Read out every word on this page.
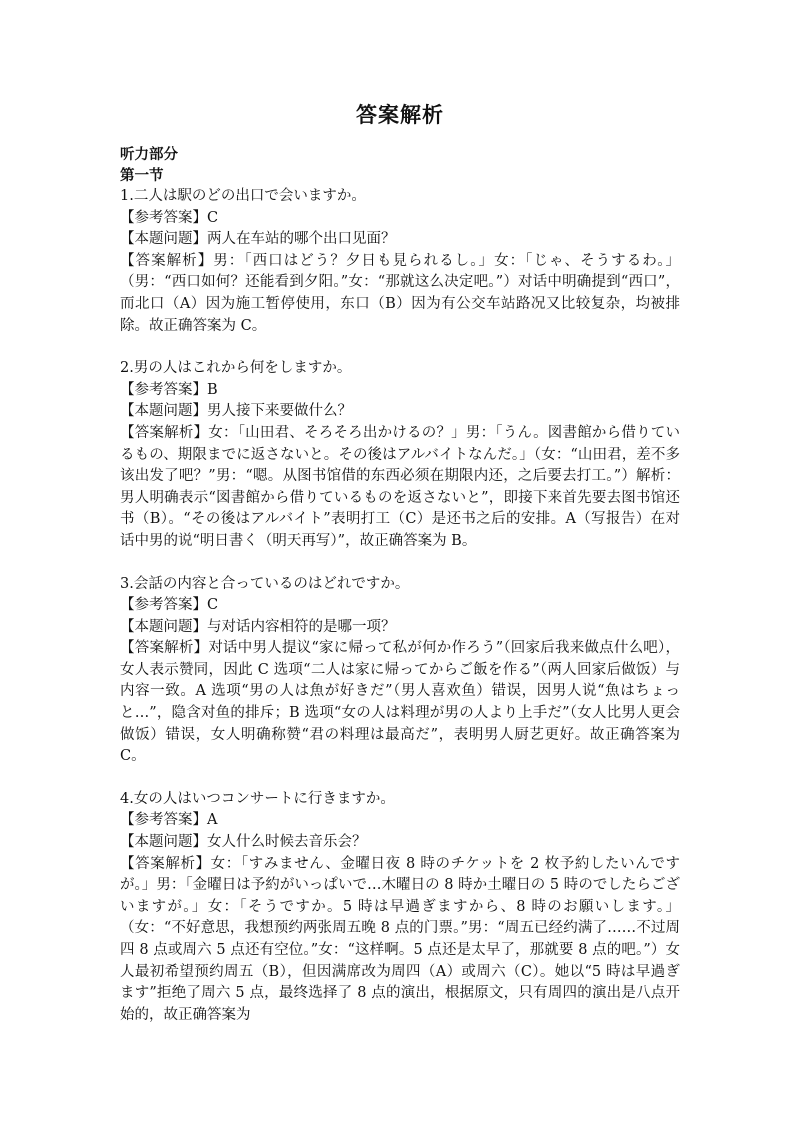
答案解析
听力部分
第一节
1.二人は駅のどの出口で会いますか。
【参考答案】C
【本题问题】两人在车站的哪个出口见面？
【答案解析】男：「西口はどう？夕日も見られるし。」女：「じゃ、そうするわ。」（男：“西口如何？还能看到夕阳。”女：“那就这么决定吧。”）对话中明确提到“西口”，而北口（A）因为施工暂停使用，东口（B）因为有公交车站路况又比较复杂，均被排除。故正确答案为 C。
2.男の人はこれから何をしますか。
【参考答案】B
【本题问题】男人接下来要做什么？
【答案解析】女：「山田君、そろそろ出かけるの？」男：「うん。図書館から借りているもの、期限までに返さないと。その後はアルバイトなんだ。」（女：“山田君，差不多该出发了吧？”男：“嗯。从图书馆借的东西必须在期限内还，之后要去打工。”）解析：男人明确表示“図書館から借りているものを返さないと”，即接下来首先要去图书馆还书（B）。“その後はアルバイト”表明打工（C）是还书之后的安排。A（写报告）在对话中男的说“明日書く（明天再写）”，故正确答案为 B。
3.会話の内容と合っているのはどれですか。
【参考答案】C
【本题问题】与对话内容相符的是哪一项？
【答案解析】对话中男人提议“家に帰って私が何か作ろう”（回家后我来做点什么吧），女人表示赞同，因此 C 选项“二人は家に帰ってからご飯を作る”（两人回家后做饭）与内容一致。A 选项“男の人は魚が好きだ”（男人喜欢鱼）错误，因男人说“魚はちょっと…”，隐含对鱼的排斥；B 选项“女の人は料理が男の人より上手だ”（女人比男人更会做饭）错误，女人明确称赞“君の料理は最高だ”，表明男人厨艺更好。故正确答案为 C。
4.女の人はいつコンサートに行きますか。
【参考答案】A
【本题问题】女人什么时候去音乐会？
【答案解析】女：「すみません、金曜日夜 8 時のチケットを 2 枚予約したいんですが。」男：「金曜日は予約がいっぱいで…木曜日の 8 時か土曜日の 5 時のでしたらございますが。」女：「そうですか。5 時は早過ぎますから、8 時のお願いします。」（女：“不好意思，我想预约两张周五晚 8 点的门票。”男：“周五已经约满了……不过周四 8 点或周六 5 点还有空位。”女：“这样啊。5 点还是太早了，那就要 8 点的吧。”）女人最初希望预约周五（B），但因满席改为周四（A）或周六（C）。她以“5 時は早過ぎます”拒绝了周六 5 点，最终选择了 8 点的演出，根据原文，只有周四的演出是八点开始的，故正确答案为
